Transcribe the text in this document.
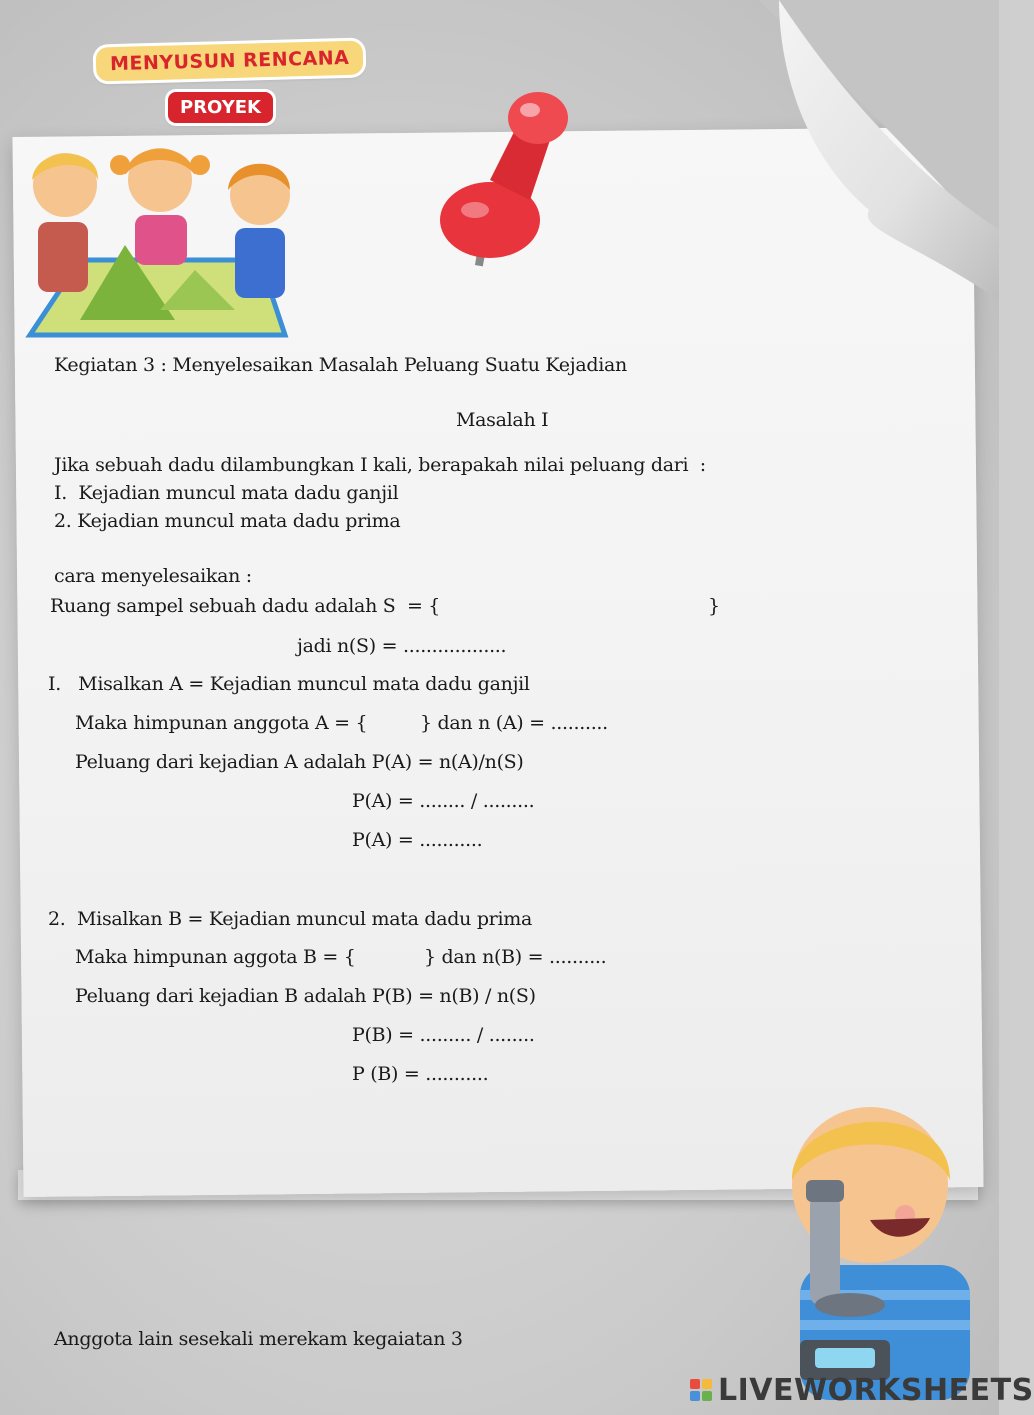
MENYUSUN RENCANA
PROYEK
Kegiatan 3 : Menyelesaikan Masalah Peluang Suatu Kejadian
Masalah I
Jika sebuah dadu dilambungkan I kali, berapakah nilai peluang dari  :
I.  Kejadian muncul mata dadu ganjil
2. Kejadian muncul mata dadu prima
cara menyelesaikan :
Ruang sampel sebuah dadu adalah S  = {	}
jadi n(S) = ..................
I.   Misalkan A = Kejadian muncul mata dadu ganjil
Maka himpunan anggota A = {	} dan n (A) = ..........
Peluang dari kejadian A adalah P(A) = n(A)/n(S)
P(A) = ........ / .........
P(A) = ...........
2.  Misalkan B = Kejadian muncul mata dadu prima
Maka himpunan aggota B = {	} dan n(B) = ..........
Peluang dari kejadian B adalah P(B) = n(B) / n(S)
P(B) = ......... / ........
P (B) = ...........
Anggota lain sesekali merekam kegaiatan 3
LIVEWORKSHEETS
